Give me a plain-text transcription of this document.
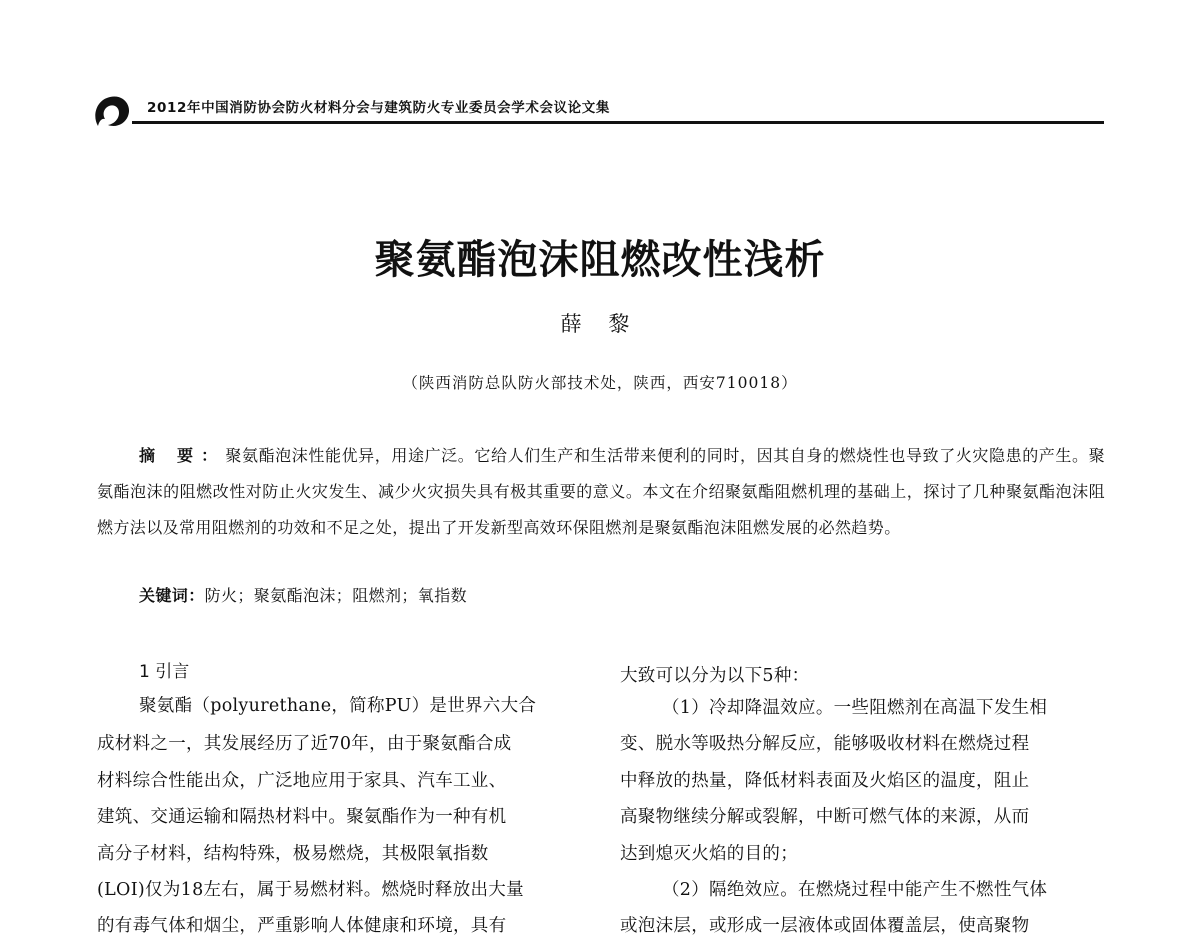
2012年中国消防协会防火材料分会与建筑防火专业委员会学术会议论文集
聚氨酯泡沫阻燃改性浅析
薛 黎
（陕西消防总队防火部技术处，陕西，西安710018）
摘 要：聚氨酯泡沫性能优异，用途广泛。它给人们生产和生活带来便利的同时，因其自身的燃烧性也导致了火灾隐患的产生。聚氨酯泡沫的阻燃改性对防止火灾发生、减少火灾损失具有极其重要的意义。本文在介绍聚氨酯阻燃机理的基础上，探讨了几种聚氨酯泡沫阻燃方法以及常用阻燃剂的功效和不足之处，提出了开发新型高效环保阻燃剂是聚氨酯泡沫阻燃发展的必然趋势。
关键词：防火；聚氨酯泡沫；阻燃剂；氧指数
1 引言
聚氨酯（polyurethane，简称PU）是世界六大合
成材料之一，其发展经历了近70年，由于聚氨酯合成
材料综合性能出众，广泛地应用于家具、汽车工业、
建筑、交通运输和隔热材料中。聚氨酯作为一种有机
高分子材料，结构特殊，极易燃烧，其极限氧指数
(LOI)仅为18左右，属于易燃材料。燃烧时释放出大量
的有毒气体和烟尘，严重影响人体健康和环境，具有
大致可以分为以下5种：
（1）冷却降温效应。一些阻燃剂在高温下发生相
变、脱水等吸热分解反应，能够吸收材料在燃烧过程
中释放的热量，降低材料表面及火焰区的温度，阻止
高聚物继续分解或裂解，中断可燃气体的来源，从而
达到熄灭火焰的目的；
（2）隔绝效应。在燃烧过程中能产生不燃性气体
或泡沫层，或形成一层液体或固体覆盖层，使高聚物
